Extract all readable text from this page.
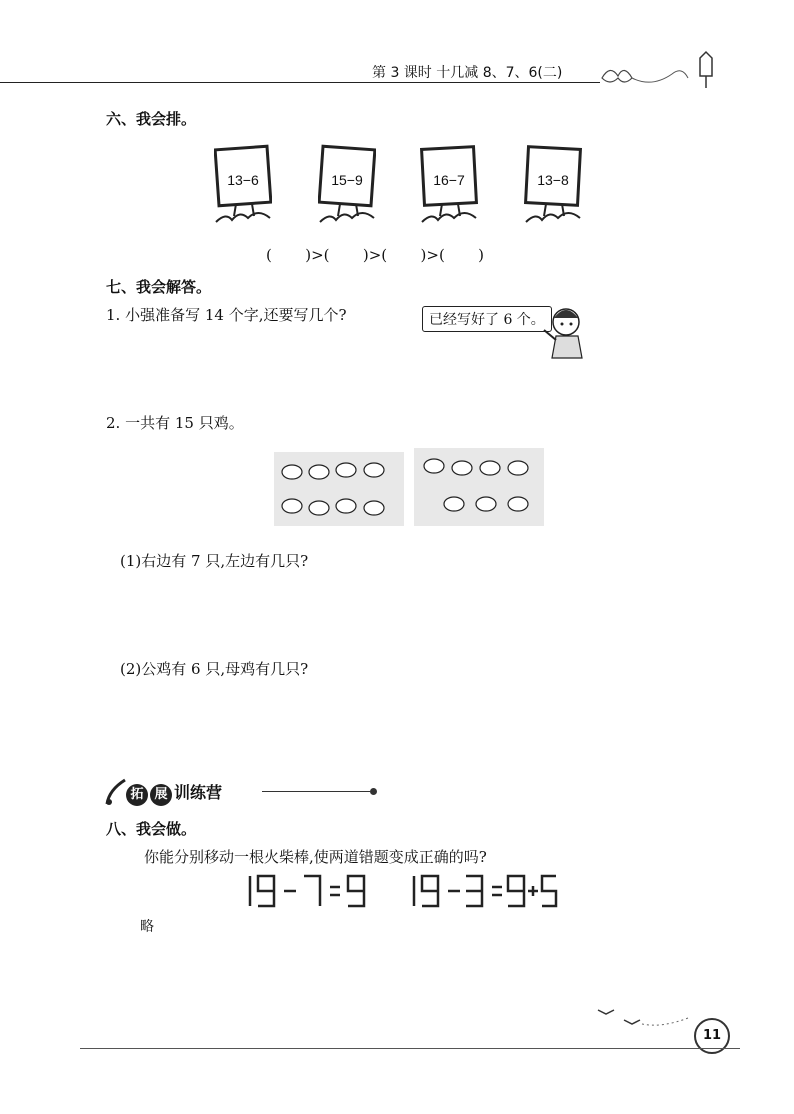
第 3 课时 十几减 8、7、6(二)
六、我会排。
13−6	15−9	16−7	13−8
(       )>(       )>(       )>(       )
七、我会解答。
1. 小强准备写 14 个字,还要写几个?	已经写好了 6 个。
2. 一共有 15 只鸡。
(1)右边有 7 只,左边有几只?
(2)公鸡有 6 只,母鸡有几只?
拓 展 训练营
八、我会做。
你能分别移动一根火柴棒,使两道错题变成正确的吗?
略
11
